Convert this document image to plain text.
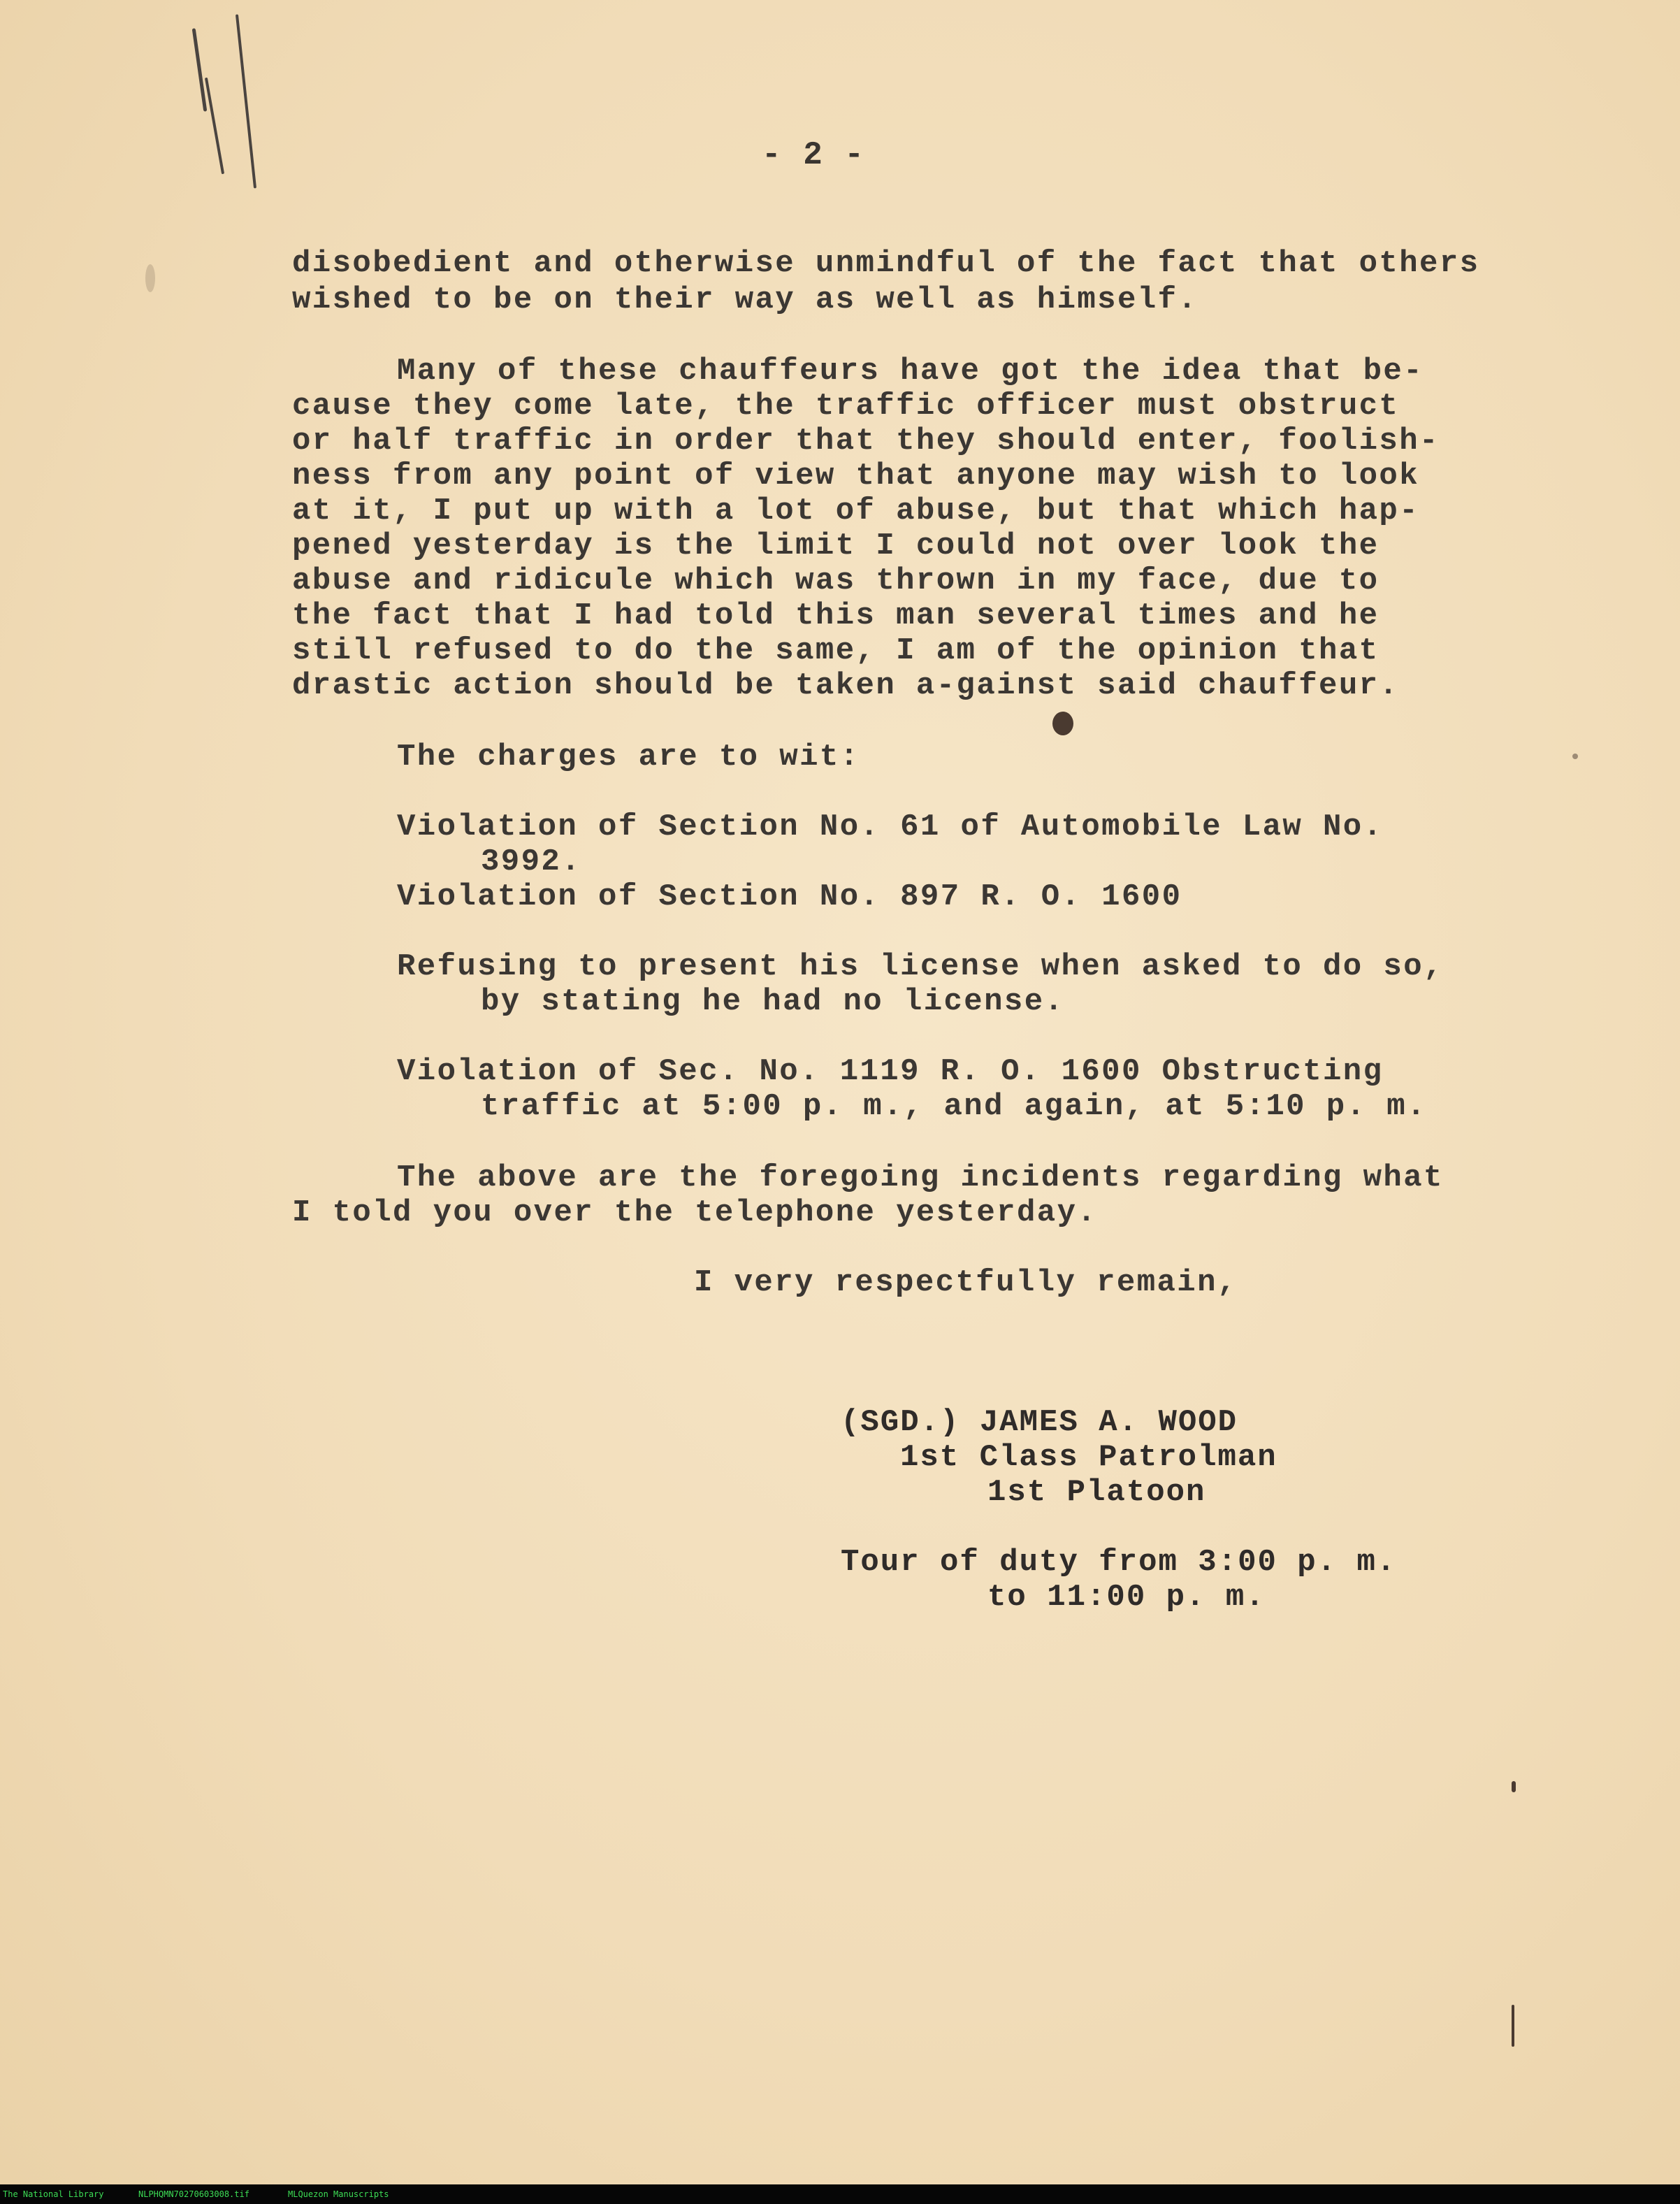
- 2 -
disobedient and otherwise unmindful of the fact that others
wished to be on their way as well as himself.
Many of these chauffeurs have got the idea that be-
cause they come late, the traffic officer must obstruct
or half traffic in order that they should enter, foolish-
ness from any point of view that anyone may wish to look
at it, I put up with a lot of abuse, but that which hap-
pened yesterday is the limit I could not over look the
abuse and ridicule which was thrown in my face, due to
the fact that I had told this man several times and he
still refused to do the same, I am of the opinion that
drastic action should be taken a-gainst said chauffeur.
The charges are to wit:
Violation of Section No. 61 of Automobile Law No.
3992.
Violation of Section No. 897 R. O. 1600
Refusing to present his license when asked to do so,
by stating he had no license.
Violation of Sec. No. 1119 R. O. 1600 Obstructing
traffic at 5:00 p. m., and again, at 5:10 p. m.
The above are the foregoing incidents regarding what
I told you over the telephone yesterday.
I very respectfully remain,
(SGD.) JAMES A. WOOD
1st Class Patrolman
1st Platoon
Tour of duty from 3:00 p. m.
to 11:00 p. m.
The National Library	NLPHQMN70270603008.tif	MLQuezon Manuscripts
